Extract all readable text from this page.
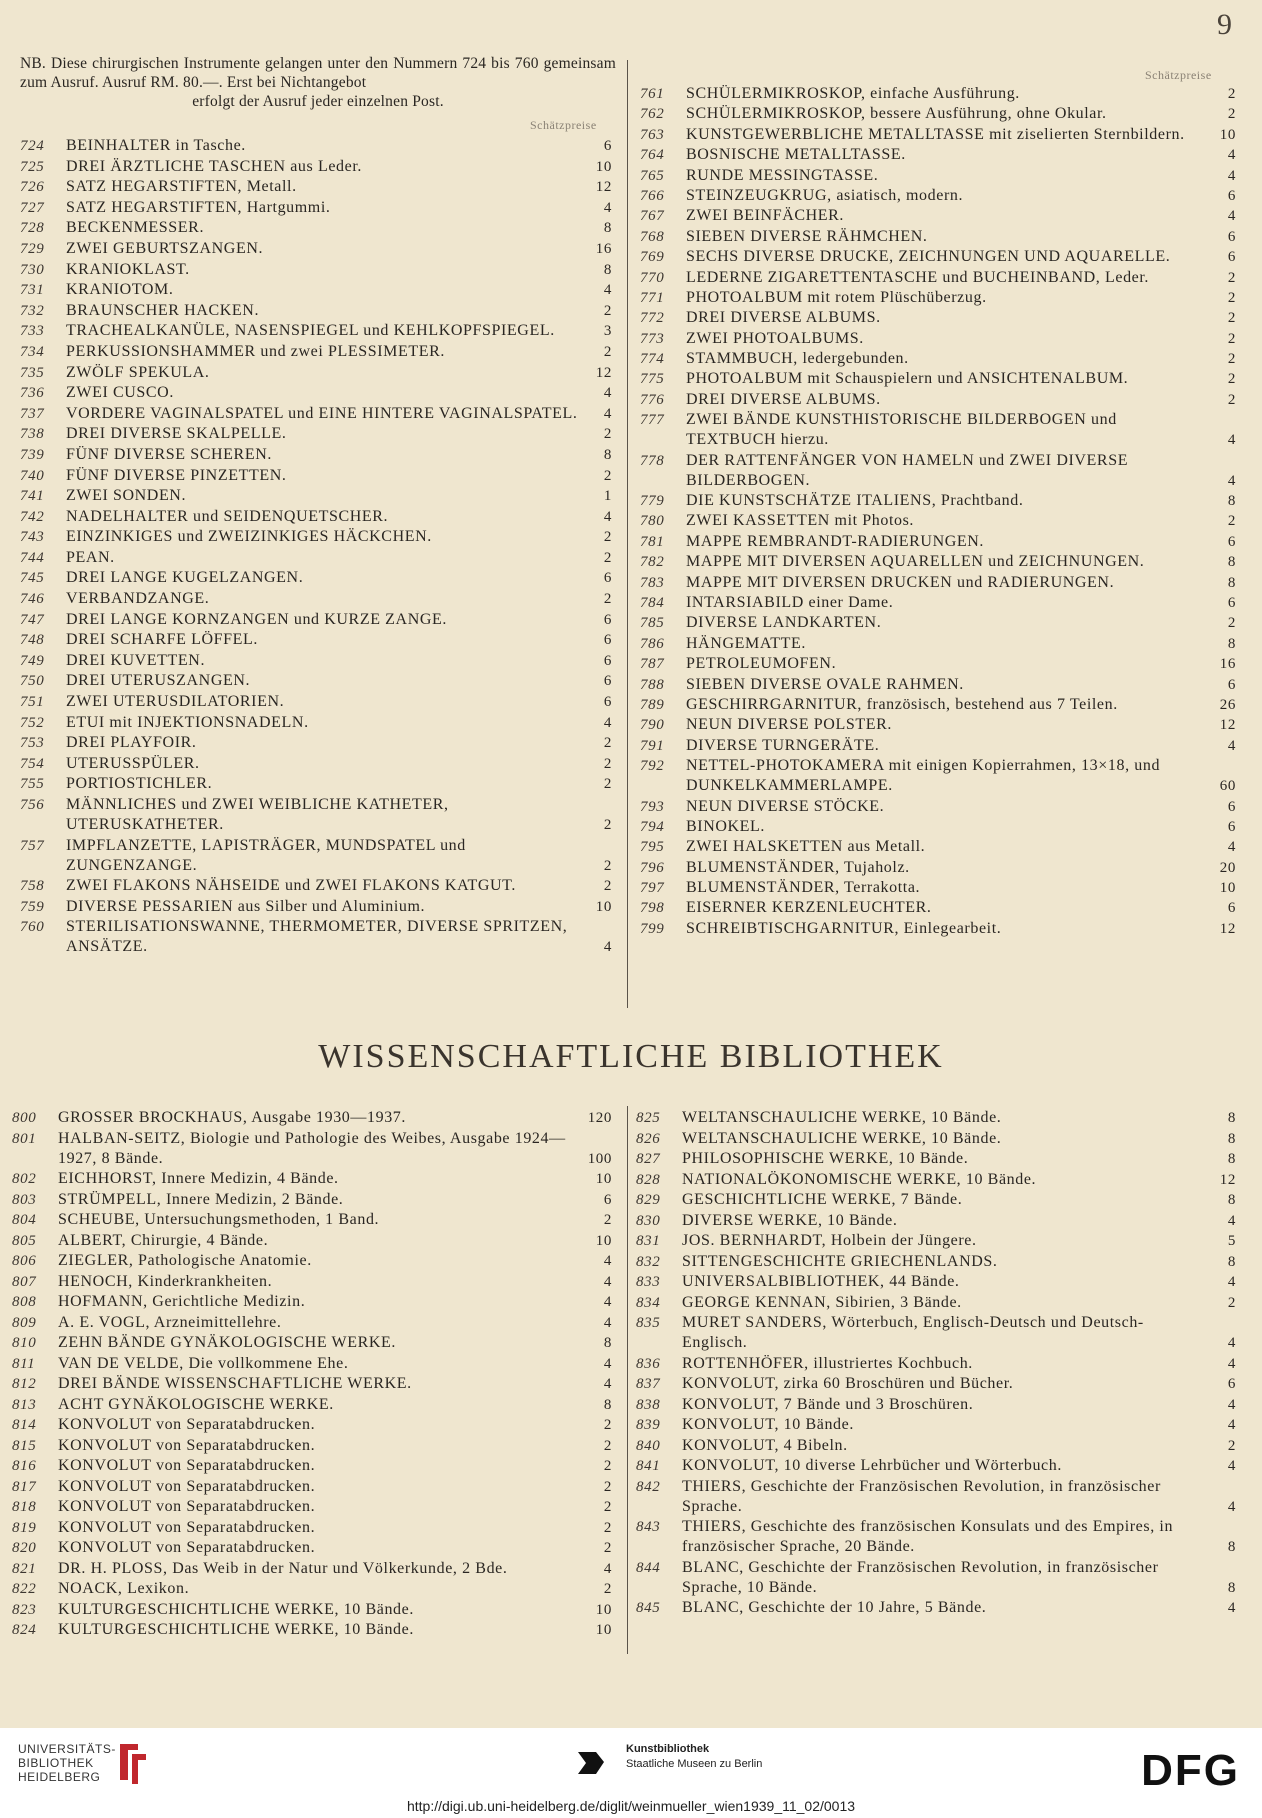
9
NB. Diese chirurgischen Instrumente gelangen unter den Nummern 724 bis 760 gemeinsam zum Ausruf. Ausruf RM. 80.—. Erst bei Nichtangebot
erfolgt der Ausruf jeder einzelnen Post.
Schätzpreise
Schätzpreise
724 BEINHALTER in Tasche.	6
725 DREI ÄRZTLICHE TASCHEN aus Leder.	10
726 SATZ HEGARSTIFTEN, Metall.	12
727 SATZ HEGARSTIFTEN, Hartgummi.	4
728 BECKENMESSER.	8
729 ZWEI GEBURTSZANGEN.	16
730 KRANIOKLAST.	8
731 KRANIOTOM.	4
732 BRAUNSCHER HACKEN.	2
733 TRACHEALKANÜLE, NASENSPIEGEL und KEHLKOPFSPIEGEL.	3
734 PERKUSSIONSHAMMER und zwei PLESSIMETER.	2
735 ZWÖLF SPEKULA.	12
736 ZWEI CUSCO.	4
737 VORDERE VAGINALSPATEL und EINE HINTERE VAGINALSPATEL. 4
738 DREI DIVERSE SKALPELLE.	2
739 FÜNF DIVERSE SCHEREN.	8
740 FÜNF DIVERSE PINZETTEN.	2
741 ZWEI SONDEN.	1
742 NADELHALTER und SEIDENQUETSCHER.	4
743 EINZINKIGES und ZWEIZINKIGES HÄCKCHEN.	2
744 PEAN.	2
745 DREI LANGE KUGELZANGEN.	6
746 VERBANDZANGE.	2
747 DREI LANGE KORNZANGEN und KURZE ZANGE.	6
748 DREI SCHARFE LÖFFEL.	6
749 DREI KUVETTEN.	6
750 DREI UTERUSZANGEN.	6
751 ZWEI UTERUSDILATORIEN.	6
752 ETUI mit INJEKTIONSNADELN.	4
753 DREI PLAYFOIR.	2
754 UTERUSSPÜLER.	2
755 PORTIOSTICHLER.	2
756 MÄNNLICHES und ZWEI WEIBLICHE KATHETER, UTERUSKATHETER.	2
757 IMPFLANZETTE, LAPISTRÄGER, MUNDSPATEL und ZUNGENZANGE.	2
758 ZWEI FLAKONS NÄHSEIDE und ZWEI FLAKONS KATGUT.	2
759 DIVERSE PESSARIEN aus Silber und Aluminium.	10
760 STERILISATIONSWANNE, THERMOMETER, DIVERSE SPRITZEN, ANSÄTZE.	4
761 SCHÜLERMIKROSKOP, einfache Ausführung.	2
762 SCHÜLERMIKROSKOP, bessere Ausführung, ohne Okular.	2
763 KUNSTGEWERBLICHE METALLTASSE mit ziselierten Sternbildern. 10
764 BOSNISCHE METALLTASSE.	4
765 RUNDE MESSINGTASSE.	4
766 STEINZEUGKRUG, asiatisch, modern.	6
767 ZWEI BEINFÄCHER.	4
768 SIEBEN DIVERSE RÄHMCHEN.	6
769 SECHS DIVERSE DRUCKE, ZEICHNUNGEN UND AQUARELLE.	6
770 LEDERNE ZIGARETTENTASCHE und BUCHEINBAND, Leder.	2
771 PHOTOALBUM mit rotem Plüschüberzug.	2
772 DREI DIVERSE ALBUMS.	2
773 ZWEI PHOTOALBUMS.	2
774 STAMMBUCH, ledergebunden.	2
775 PHOTOALBUM mit Schauspielern und ANSICHTENALBUM.	2
776 DREI DIVERSE ALBUMS.	2
777 ZWEI BÄNDE KUNSTHISTORISCHE BILDERBOGEN und TEXTBUCH hierzu.	4
778 DER RATTENFÄNGER VON HAMELN und ZWEI DIVERSE BILDERBOGEN.	4
779 DIE KUNSTSCHÄTZE ITALIENS, Prachtband.	8
780 ZWEI KASSETTEN mit Photos.	2
781 MAPPE REMBRANDT-RADIERUNGEN.	6
782 MAPPE MIT DIVERSEN AQUARELLEN und ZEICHNUNGEN.	8
783 MAPPE MIT DIVERSEN DRUCKEN und RADIERUNGEN.	8
784 INTARSIABILD einer Dame.	6
785 DIVERSE LANDKARTEN.	2
786 HÄNGEMATTE.	8
787 PETROLEUMOFEN.	16
788 SIEBEN DIVERSE OVALE RAHMEN.	6
789 GESCHIRRGARNITUR, französisch, bestehend aus 7 Teilen.	26
790 NEUN DIVERSE POLSTER.	12
791 DIVERSE TURNGERÄTE.	4
792 NETTEL-PHOTOKAMERA mit einigen Kopierrahmen, 13×18, und DUNKELKAMMERLAMPE.	60
793 NEUN DIVERSE STÖCKE.	6
794 BINOKEL.	6
795 ZWEI HALSKETTEN aus Metall.	4
796 BLUMENSTÄNDER, Tujaholz.	20
797 BLUMENSTÄNDER, Terrakotta.	10
798 EISERNER KERZENLEUCHTER.	6
799 SCHREIBTISCHGARNITUR, Einlegearbeit.	12
WISSENSCHAFTLICHE BIBLIOTHEK
800 GROSSER BROCKHAUS, Ausgabe 1930—1937.	120
801 HALBAN-SEITZ, Biologie und Pathologie des Weibes, Ausgabe 1924—1927, 8 Bände.	100
802 EICHHORST, Innere Medizin, 4 Bände.	10
803 STRÜMPELL, Innere Medizin, 2 Bände.	6
804 SCHEUBE, Untersuchungsmethoden, 1 Band.	2
805 ALBERT, Chirurgie, 4 Bände.	10
806 ZIEGLER, Pathologische Anatomie.	4
807 HENOCH, Kinderkrankheiten.	4
808 HOFMANN, Gerichtliche Medizin.	4
809 A. E. VOGL, Arzneimittellehre.	4
810 ZEHN BÄNDE GYNÄKOLOGISCHE WERKE.	8
811 VAN DE VELDE, Die vollkommene Ehe.	4
812 DREI BÄNDE WISSENSCHAFTLICHE WERKE.	4
813 ACHT GYNÄKOLOGISCHE WERKE.	8
814 KONVOLUT von Separatabdrucken.	2
815 KONVOLUT von Separatabdrucken.	2
816 KONVOLUT von Separatabdrucken.	2
817 KONVOLUT von Separatabdrucken.	2
818 KONVOLUT von Separatabdrucken.	2
819 KONVOLUT von Separatabdrucken.	2
820 KONVOLUT von Separatabdrucken.	2
821 DR. H. PLOSS, Das Weib in der Natur und Völkerkunde, 2 Bde.	4
822 NOACK, Lexikon.	2
823 KULTURGESCHICHTLICHE WERKE, 10 Bände.	10
824 KULTURGESCHICHTLICHE WERKE, 10 Bände.	10
825 WELTANSCHAULICHE WERKE, 10 Bände.	8
826 WELTANSCHAULICHE WERKE, 10 Bände.	8
827 PHILOSOPHISCHE WERKE, 10 Bände.	8
828 NATIONALÖKONOMISCHE WERKE, 10 Bände.	12
829 GESCHICHTLICHE WERKE, 7 Bände.	8
830 DIVERSE WERKE, 10 Bände.	4
831 JOS. BERNHARDT, Holbein der Jüngere.	5
832 SITTENGESCHICHTE GRIECHENLANDS.	8
833 UNIVERSALBIBLIOTHEK, 44 Bände.	4
834 GEORGE KENNAN, Sibirien, 3 Bände.	2
835 MURET SANDERS, Wörterbuch, Englisch-Deutsch und Deutsch-Englisch.	4
836 ROTTENHÖFER, illustriertes Kochbuch.	4
837 KONVOLUT, zirka 60 Broschüren und Bücher.	6
838 KONVOLUT, 7 Bände und 3 Broschüren.	4
839 KONVOLUT, 10 Bände.	4
840 KONVOLUT, 4 Bibeln.	2
841 KONVOLUT, 10 diverse Lehrbücher und Wörterbuch.	4
842 THIERS, Geschichte der Französischen Revolution, in französischer Sprache.	4
843 THIERS, Geschichte des französischen Konsulats und des Empires, in französischer Sprache, 20 Bände.	8
844 BLANC, Geschichte der Französischen Revolution, in französischer Sprache, 10 Bände.	8
845 BLANC, Geschichte der 10 Jahre, 5 Bände.	4
UNIVERSITÄTS-
BIBLIOTHEK
HEIDELBERG
Kunstbibliothek
Staatliche Museen zu Berlin	DFG
http://digi.ub.uni-heidelberg.de/diglit/weinmueller_wien1939_11_02/0013
